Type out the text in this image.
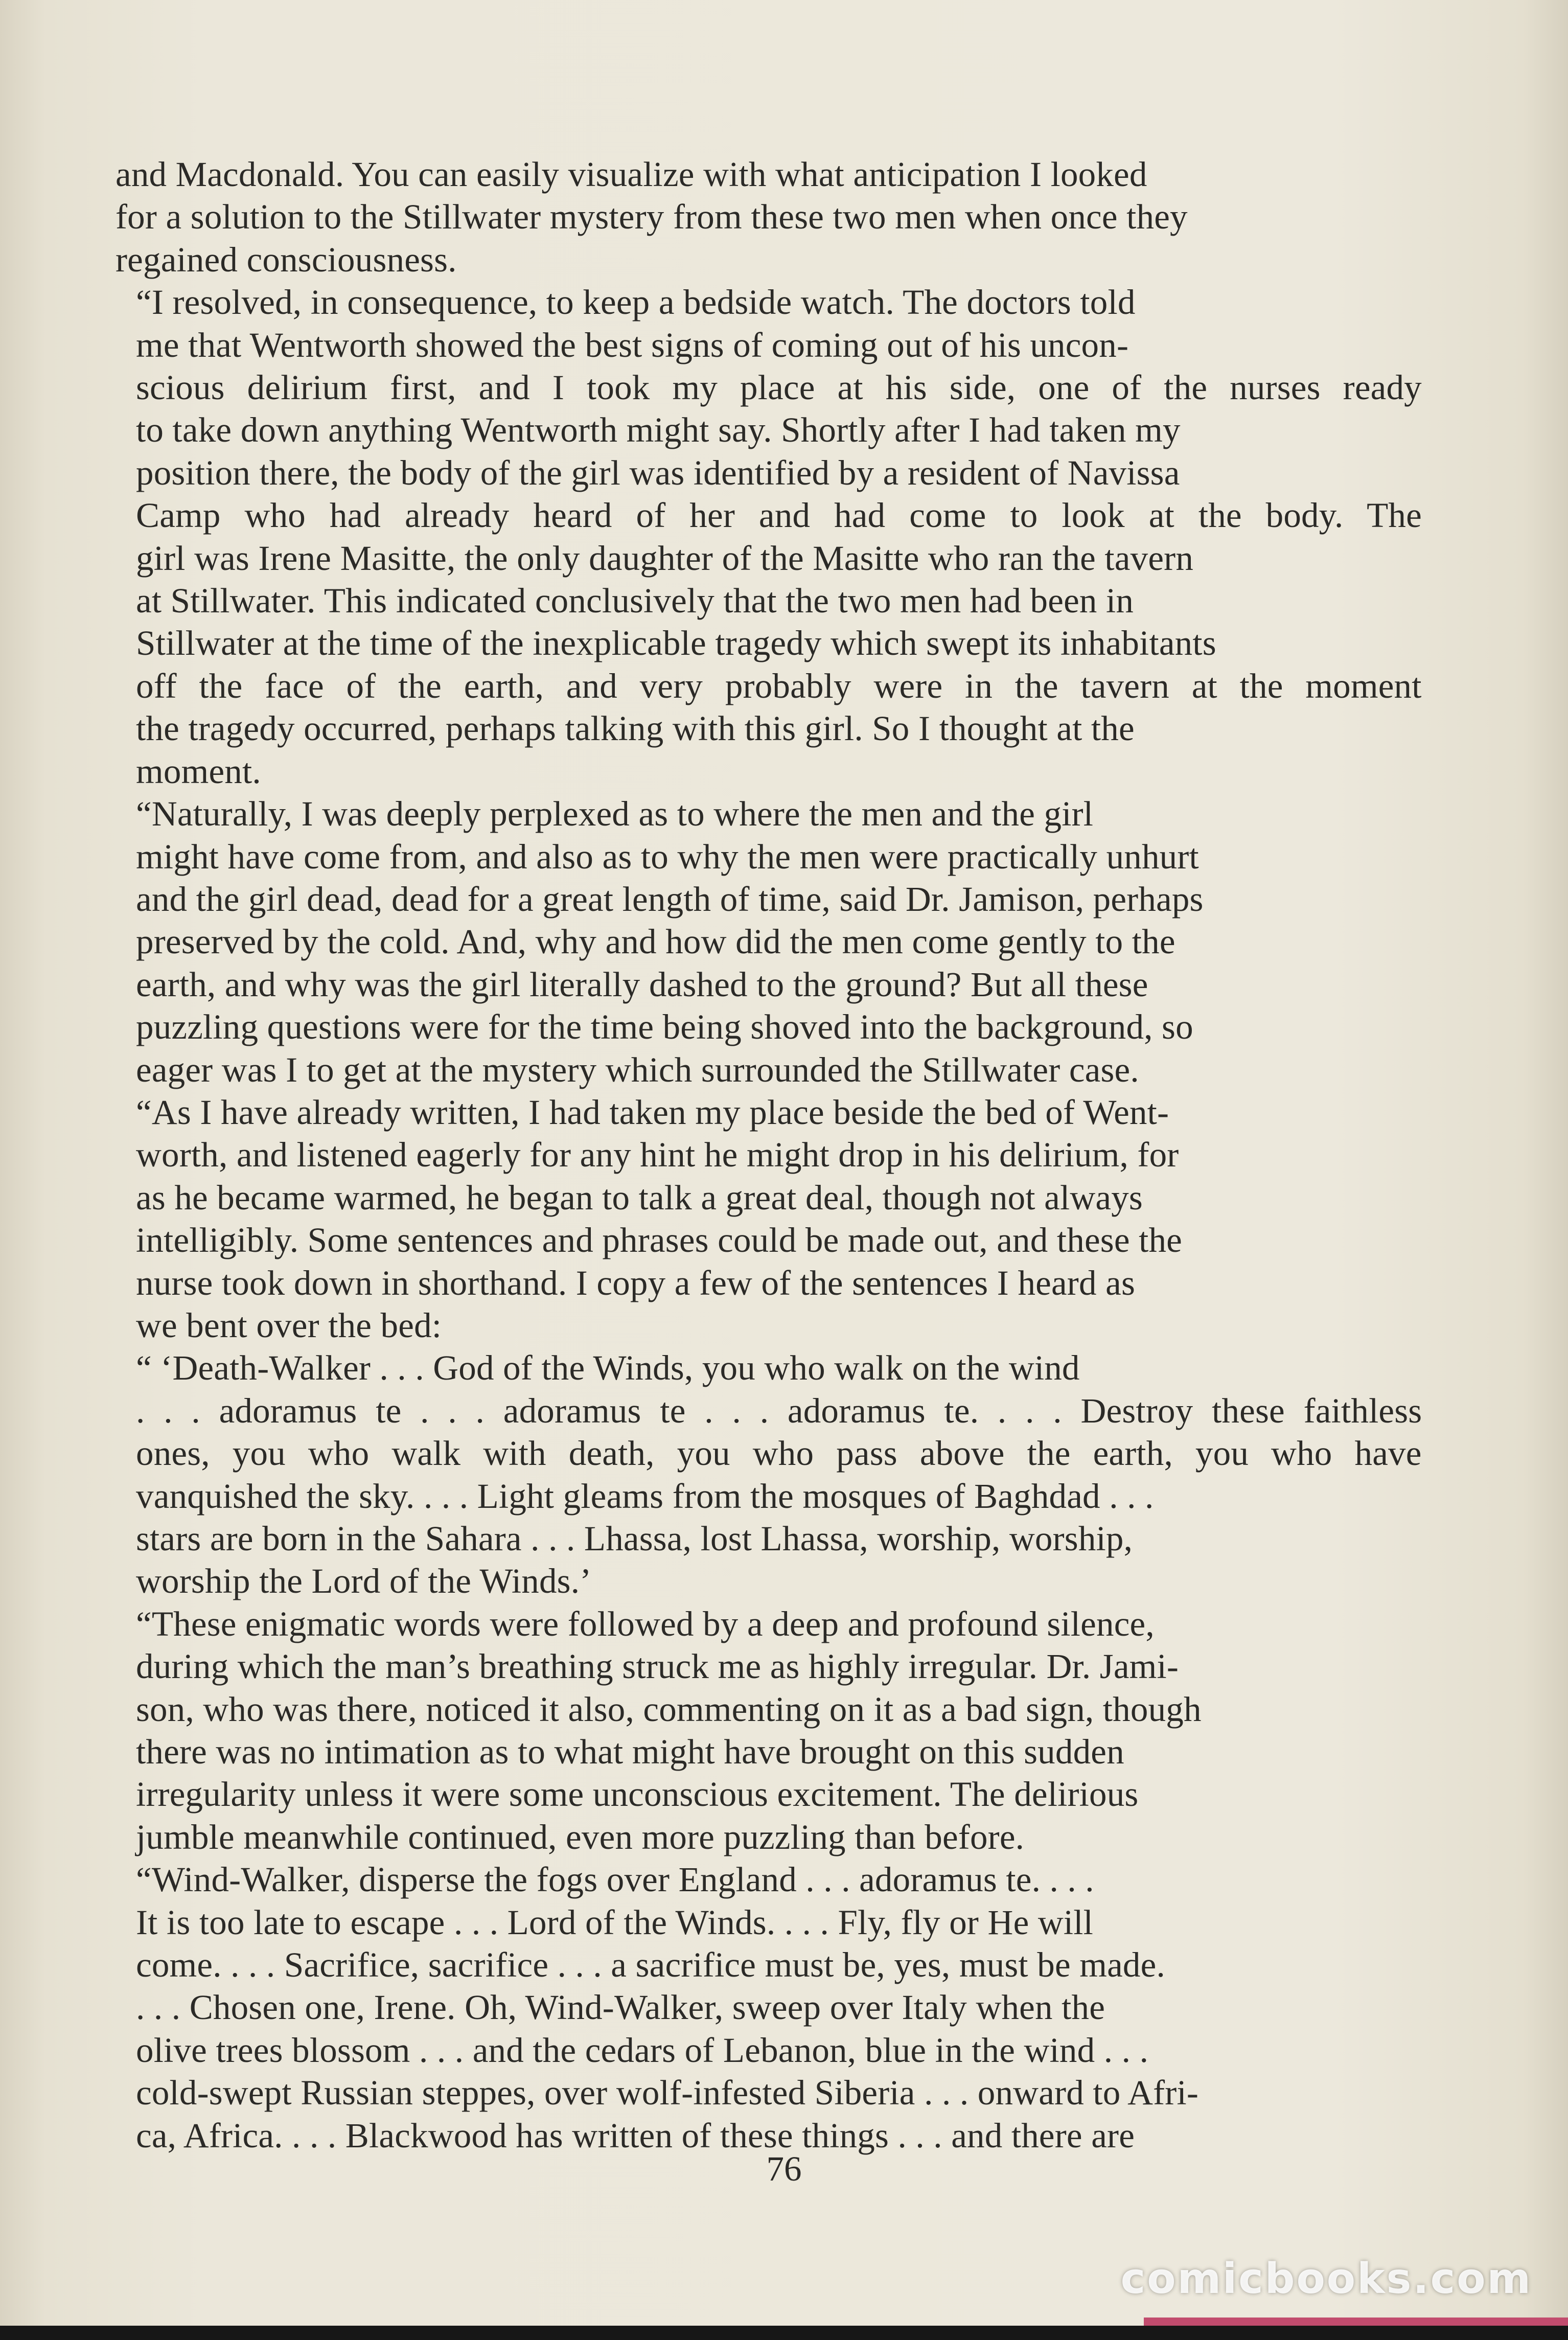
and Macdonald. You can easily visualize with what anticipation I looked
for a solution to the Stillwater mystery from these two men when once they
regained consciousness.

“I resolved, in consequence, to keep a bedside watch. The doctors told
me that Wentworth showed the best signs of coming out of his uncon-
scious delirium first, and I took my place at his side, one of the nurses ready
to take down anything Wentworth might say. Shortly after I had taken my
position there, the body of the girl was identified by a resident of Navissa
Camp who had already heard of her and had come to look at the body. The
girl was Irene Masitte, the only daughter of the Masitte who ran the tavern
at Stillwater. This indicated conclusively that the two men had been in
Stillwater at the time of the inexplicable tragedy which swept its inhabitants
off the face of the earth, and very probably were in the tavern at the moment
the tragedy occurred, perhaps talking with this girl. So I thought at the
moment.

“Naturally, I was deeply perplexed as to where the men and the girl
might have come from, and also as to why the men were practically unhurt
and the girl dead, dead for a great length of time, said Dr. Jamison, perhaps
preserved by the cold. And, why and how did the men come gently to the
earth, and why was the girl literally dashed to the ground? But all these
puzzling questions were for the time being shoved into the background, so
eager was I to get at the mystery which surrounded the Stillwater case.

“As I have already written, I had taken my place beside the bed of Went-
worth, and listened eagerly for any hint he might drop in his delirium, for
as he became warmed, he began to talk a great deal, though not always
intelligibly. Some sentences and phrases could be made out, and these the
nurse took down in shorthand. I copy a few of the sentences I heard as
we bent over the bed:

“ ‘Death-Walker . . . God of the Winds, you who walk on the wind
. . . adoramus te . . . adoramus te . . . adoramus te. . . . Destroy these faithless
ones, you who walk with death, you who pass above the earth, you who have
vanquished the sky. . . . Light gleams from the mosques of Baghdad . . .
stars are born in the Sahara . . . Lhassa, lost Lhassa, worship, worship,
worship the Lord of the Winds.’

“These enigmatic words were followed by a deep and profound silence,
during which the man’s breathing struck me as highly irregular. Dr. Jami-
son, who was there, noticed it also, commenting on it as a bad sign, though
there was no intimation as to what might have brought on this sudden
irregularity unless it were some unconscious excitement. The delirious
jumble meanwhile continued, even more puzzling than before.

“Wind-Walker, disperse the fogs over England . . . adoramus te. . . .
It is too late to escape . . . Lord of the Winds. . . . Fly, fly or He will
come. . . . Sacrifice, sacrifice . . . a sacrifice must be, yes, must be made.
. . . Chosen one, Irene. Oh, Wind-Walker, sweep over Italy when the
olive trees blossom . . . and the cedars of Lebanon, blue in the wind . . .
cold-swept Russian steppes, over wolf-infested Siberia . . . onward to Afri-
ca, Africa. . . . Blackwood has written of these things . . . and there are

76
comicbooks.com
